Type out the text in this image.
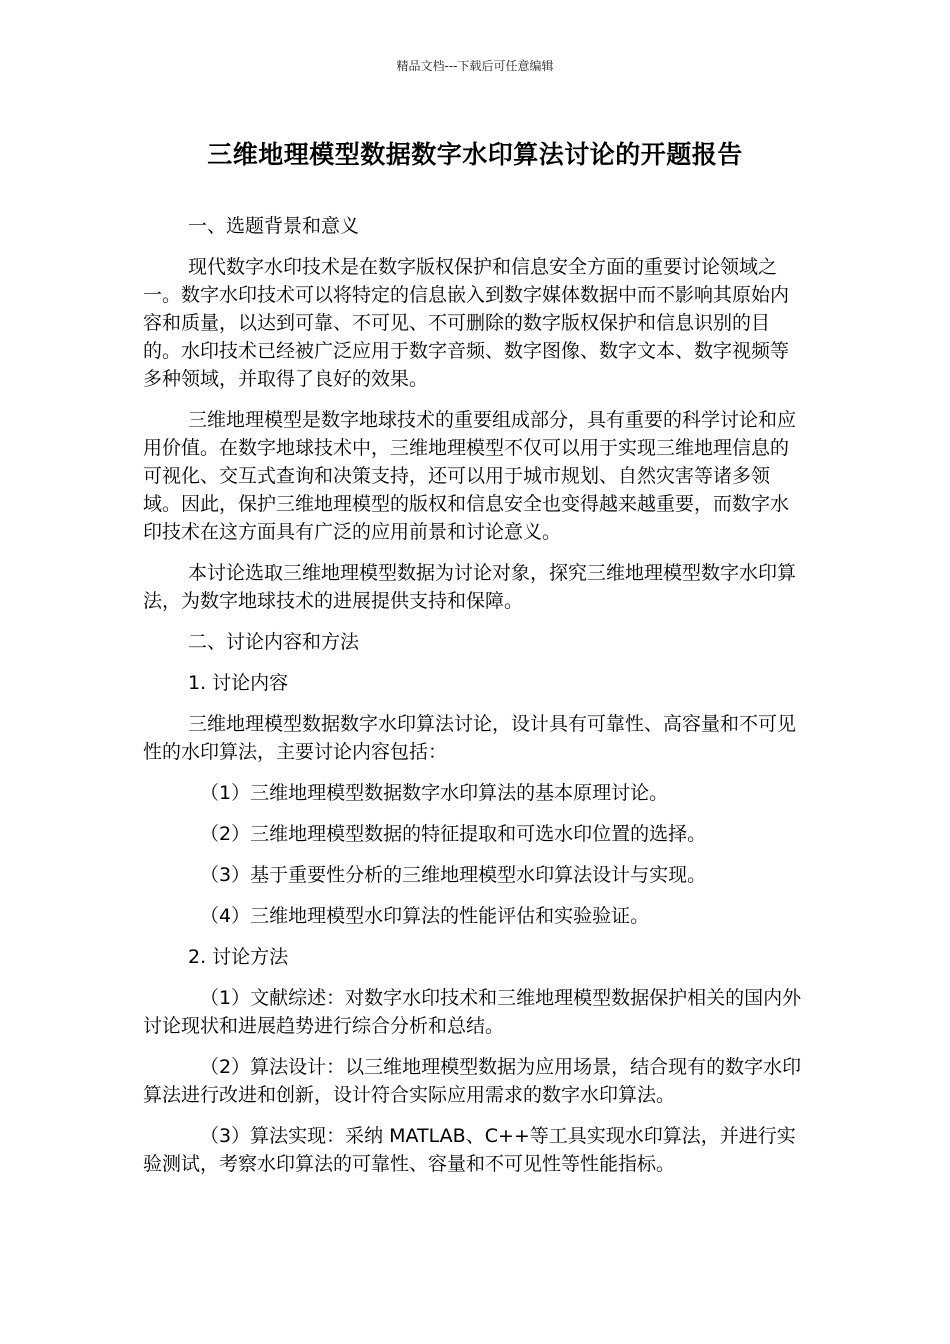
精品文档---下载后可任意编辑
三维地理模型数据数字水印算法讨论的开题报告

一、选题背景和意义

现代数字水印技术是在数字版权保护和信息安全方面的重要讨论领域之一。数字水印技术可以将特定的信息嵌入到数字媒体数据中而不影响其原始内容和质量，以达到可靠、不可见、不可删除的数字版权保护和信息识别的目的。水印技术已经被广泛应用于数字音频、数字图像、数字文本、数字视频等多种领域，并取得了良好的效果。

三维地理模型是数字地球技术的重要组成部分，具有重要的科学讨论和应用价值。在数字地球技术中，三维地理模型不仅可以用于实现三维地理信息的可视化、交互式查询和决策支持，还可以用于城市规划、自然灾害等诸多领域。因此，保护三维地理模型的版权和信息安全也变得越来越重要，而数字水印技术在这方面具有广泛的应用前景和讨论意义。

本讨论选取三维地理模型数据为讨论对象，探究三维地理模型数字水印算法，为数字地球技术的进展提供支持和保障。

二、讨论内容和方法

1. 讨论内容

三维地理模型数据数字水印算法讨论，设计具有可靠性、高容量和不可见性的水印算法，主要讨论内容包括：

（1）三维地理模型数据数字水印算法的基本原理讨论。

（2）三维地理模型数据的特征提取和可选水印位置的选择。

（3）基于重要性分析的三维地理模型水印算法设计与实现。

（4）三维地理模型水印算法的性能评估和实验验证。

2. 讨论方法

（1）文献综述：对数字水印技术和三维地理模型数据保护相关的国内外讨论现状和进展趋势进行综合分析和总结。

（2）算法设计：以三维地理模型数据为应用场景，结合现有的数字水印算法进行改进和创新，设计符合实际应用需求的数字水印算法。

（3）算法实现：采纳 MATLAB、C++等工具实现水印算法，并进行实验测试，考察水印算法的可靠性、容量和不可见性等性能指标。
